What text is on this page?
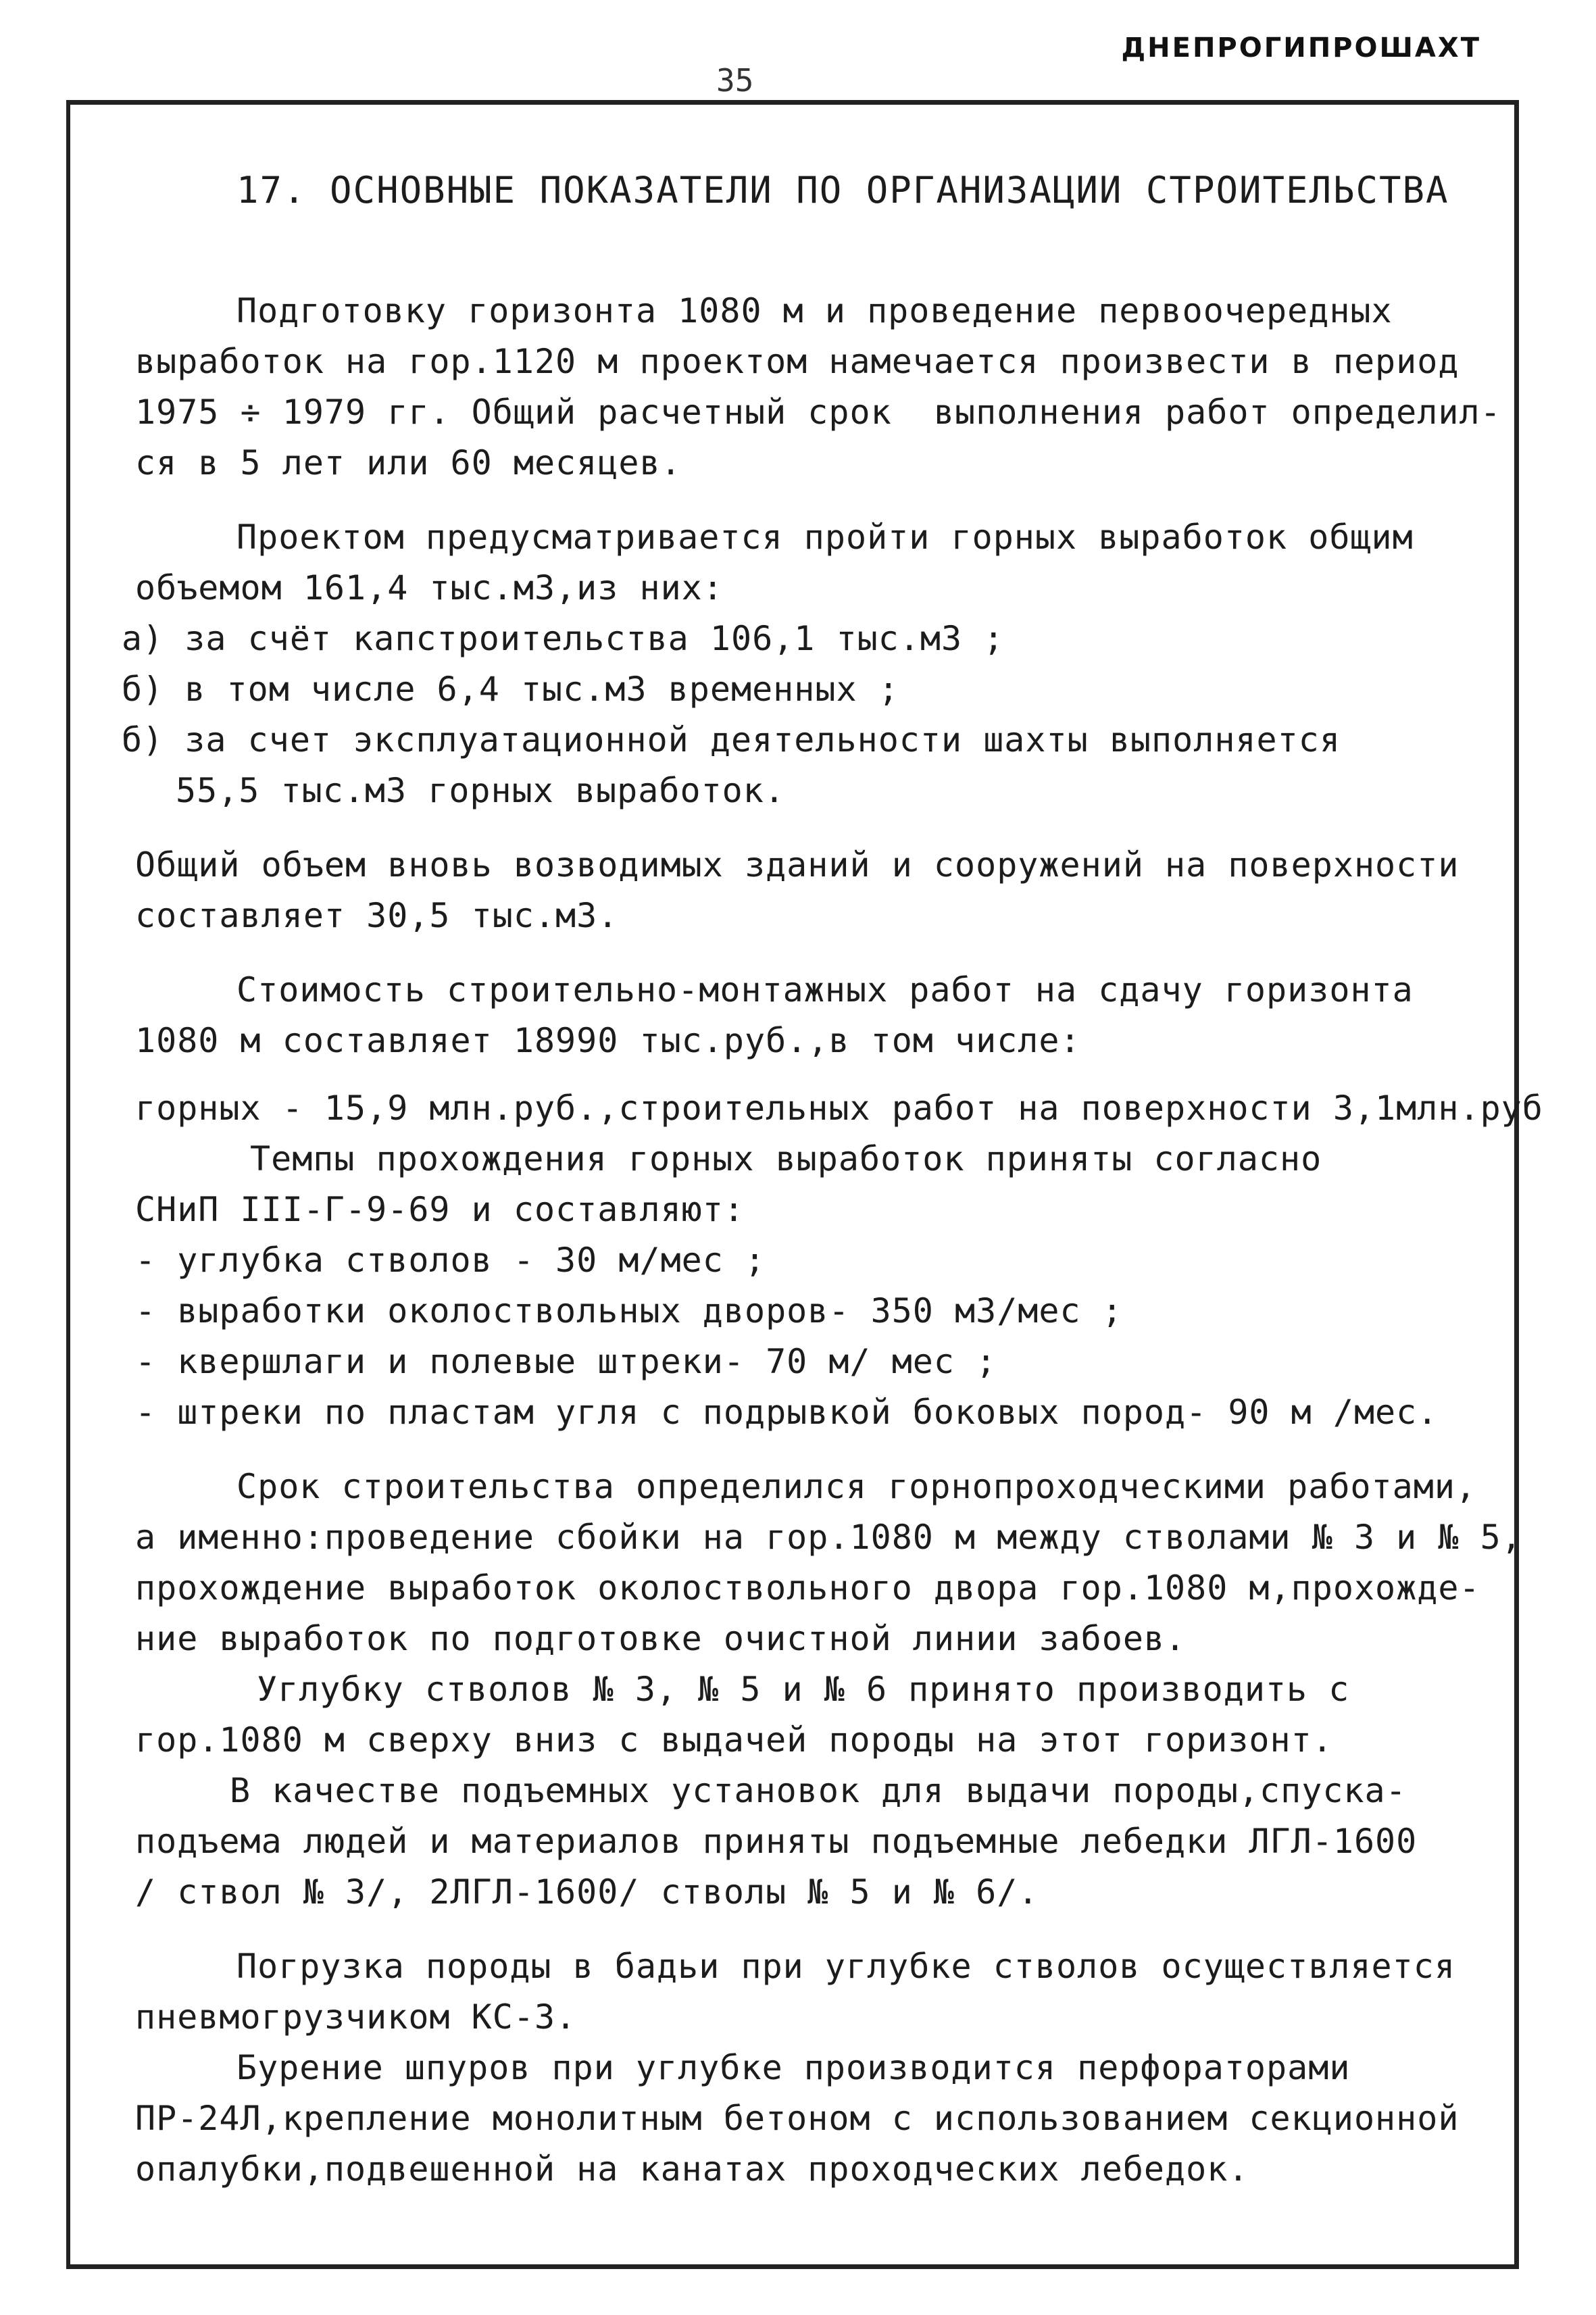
ДНЕПРОГИПРОШАХТ
35
17. ОСНОВНЫЕ ПОКАЗАТЕЛИ ПО ОРГАНИЗАЦИИ СТРОИТЕЛЬСТВА
Подготовку горизонта 1080 м и проведение первоочередных
выработок на гор.1120 м проектом намечается произвести в период
1975 ÷ 1979 гг. Общий расчетный срок  выполнения работ определил-
ся в 5 лет или 60 месяцев.
Проектом предусматривается пройти горных выработок общим
объемом 161,4 тыс.м3,из них:
а) за счёт капстроительства 106,1 тыс.м3 ;
б) в том числе 6,4 тыс.м3 временных ;
б) за счет эксплуатационной деятельности шахты выполняется
55,5 тыс.м3 горных выработок.
Общий объем вновь возводимых зданий и сооружений на поверхности
составляет 30,5 тыс.м3.
Стоимость строительно-монтажных работ на сдачу горизонта
1080 м составляет 18990 тыс.руб.,в том числе:
горных - 15,9 млн.руб.,строительных работ на поверхности 3,1млн.руб
Темпы прохождения горных выработок приняты согласно
СНиП III-Г-9-69 и составляют:
- углубка стволов - 30 м/мес ;
- выработки околоствольных дворов- 350 м3/мес ;
- квершлаги и полевые штреки- 70 м/ мес ;
- штреки по пластам угля с подрывкой боковых пород- 90 м /мес.
Срок строительства определился горнопроходческими работами,
а именно:проведение сбойки на гор.1080 м между стволами № 3 и № 5,
прохождение выработок околоствольного двора гор.1080 м,прохожде-
ние выработок по подготовке очистной линии забоев.
Углубку стволов № 3, № 5 и № 6 принято производить с
гор.1080 м сверху вниз с выдачей породы на этот горизонт.
В качестве подъемных установок для выдачи породы,спуска-
подъема людей и материалов приняты подъемные лебедки ЛГЛ-1600
/ ствол № 3/, 2ЛГЛ-1600/ стволы № 5 и № 6/.
Погрузка породы в бадьи при углубке стволов осуществляется
пневмогрузчиком КС-3.
Бурение шпуров при углубке производится перфораторами
ПР-24Л,крепление монолитным бетоном с использованием секционной
опалубки,подвешенной на канатах проходческих лебедок.
